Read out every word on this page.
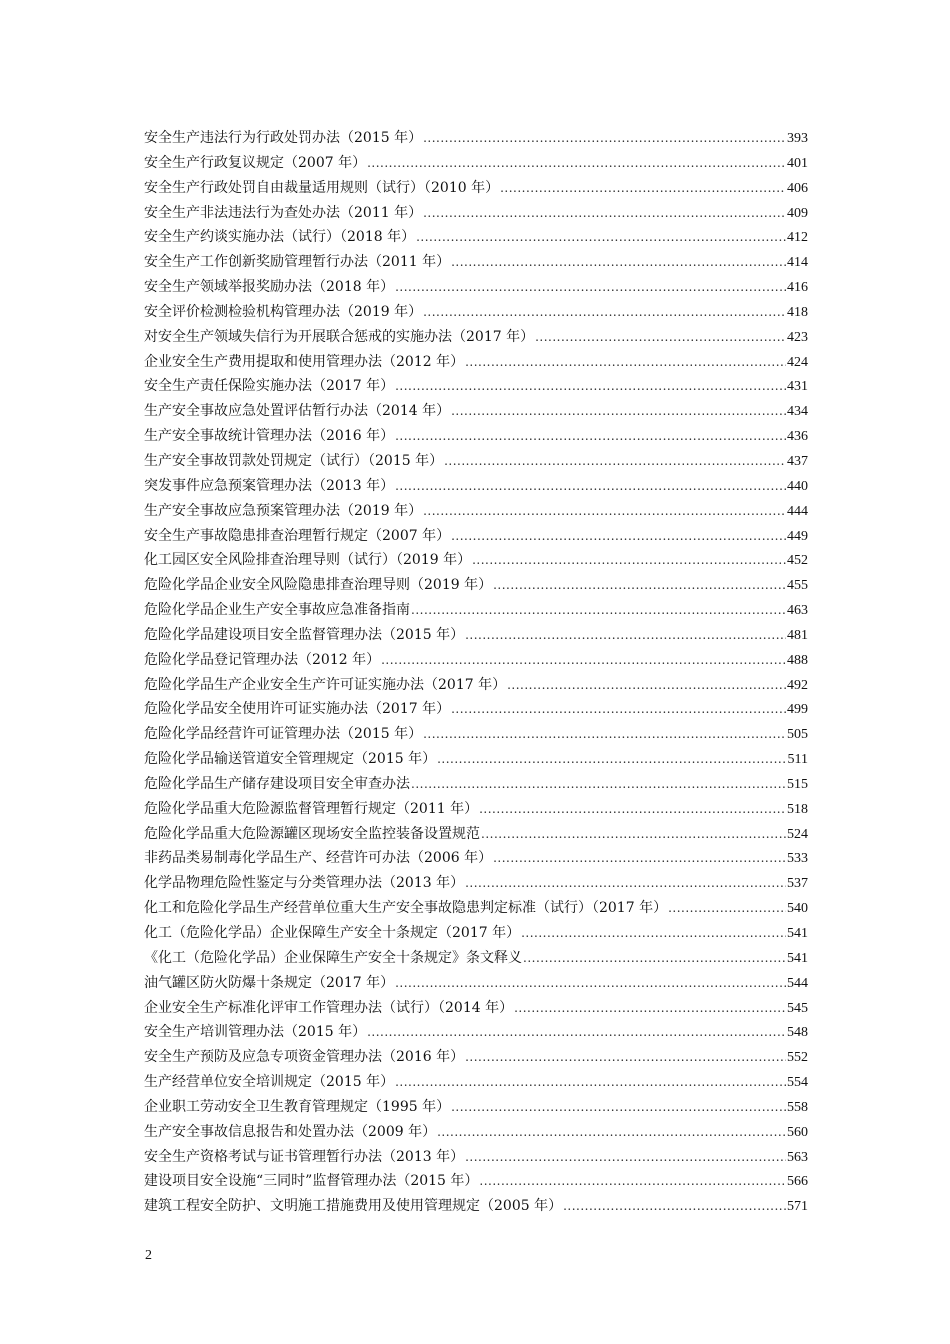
安全生产违法行为行政处罚办法（2015 年） .....	393
安全生产行政复议规定（2007 年） .....	401
安全生产行政处罚自由裁量适用规则（试行）（2010 年） .....	406
安全生产非法违法行为查处办法（2011 年） .....	409
安全生产约谈实施办法（试行）（2018 年） .....	412
安全生产工作创新奖励管理暂行办法（2011 年） .....	414
安全生产领域举报奖励办法（2018 年） .....	416
安全评价检测检验机构管理办法（2019 年） .....	418
对安全生产领域失信行为开展联合惩戒的实施办法（2017 年） .....	423
企业安全生产费用提取和使用管理办法（2012 年） .....	424
安全生产责任保险实施办法（2017 年） .....	431
生产安全事故应急处置评估暂行办法（2014 年） .....	434
生产安全事故统计管理办法（2016 年） .....	436
生产安全事故罚款处罚规定（试行）（2015 年） .....	437
突发事件应急预案管理办法（2013 年） .....	440
生产安全事故应急预案管理办法（2019 年） .....	444
安全生产事故隐患排查治理暂行规定（2007 年） .....	449
化工园区安全风险排查治理导则（试行）（2019 年） .....	452
危险化学品企业安全风险隐患排查治理导则（2019 年） .....	455
危险化学品企业生产安全事故应急准备指南 .....	463
危险化学品建设项目安全监督管理办法（2015 年） .....	481
危险化学品登记管理办法（2012 年） .....	488
危险化学品生产企业安全生产许可证实施办法（2017 年） .....	492
危险化学品安全使用许可证实施办法（2017 年） .....	499
危险化学品经营许可证管理办法（2015 年） .....	505
危险化学品输送管道安全管理规定（2015 年） .....	511
危险化学品生产储存建设项目安全审查办法 .....	515
危险化学品重大危险源监督管理暂行规定（2011 年） .....	518
危险化学品重大危险源罐区现场安全监控装备设置规范 .....	524
非药品类易制毒化学品生产、经营许可办法（2006 年） .....	533
化学品物理危险性鉴定与分类管理办法（2013 年） .....	537
化工和危险化学品生产经营单位重大生产安全事故隐患判定标准（试行）（2017 年） .....	540
化工（危险化学品）企业保障生产安全十条规定（2017 年） .....	541
《化工（危险化学品）企业保障生产安全十条规定》条文释义 .....	541
油气罐区防火防爆十条规定（2017 年） .....	544
企业安全生产标准化评审工作管理办法（试行）（2014 年） .....	545
安全生产培训管理办法（2015 年） .....	548
安全生产预防及应急专项资金管理办法（2016 年） .....	552
生产经营单位安全培训规定（2015 年） .....	554
企业职工劳动安全卫生教育管理规定（1995 年） .....	558
生产安全事故信息报告和处置办法（2009 年） .....	560
安全生产资格考试与证书管理暂行办法（2013 年） .....	563
建设项目安全设施“三同时”监督管理办法（2015 年） .....	566
建筑工程安全防护、文明施工措施费用及使用管理规定（2005 年） .....	571
2
